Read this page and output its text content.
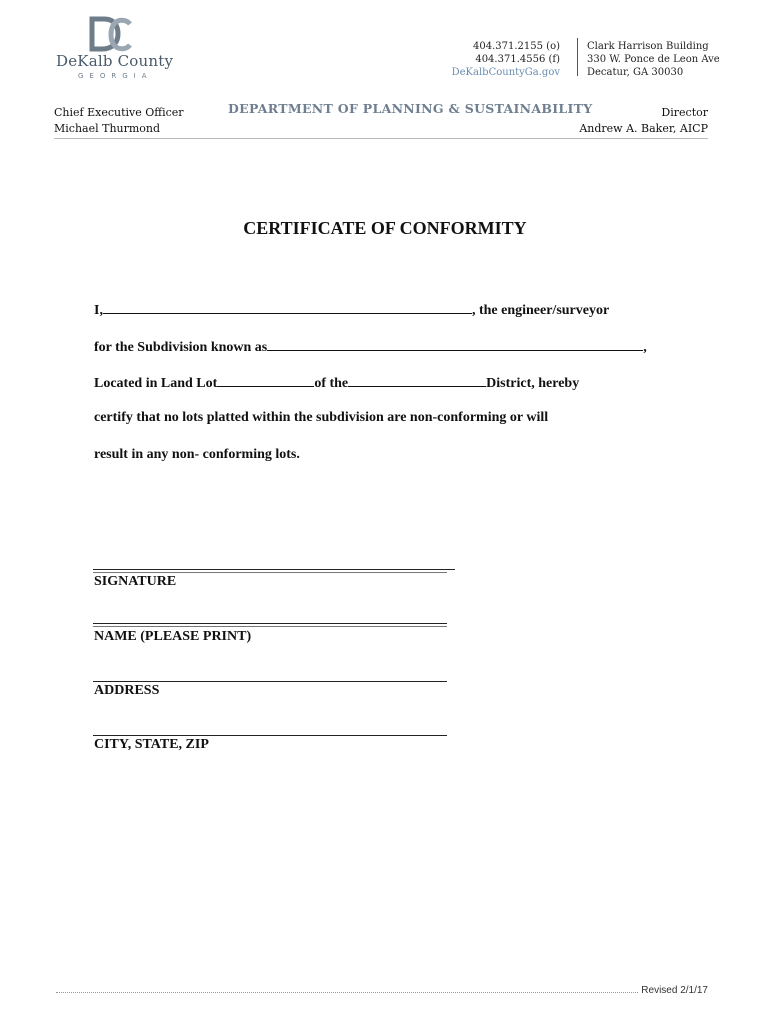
DeKalb County
GEORGIA
404.371.2155 (o)
404.371.4556 (f)
DeKalbCountyGa.gov
Clark Harrison Building
330 W. Ponce de Leon Ave
Decatur, GA 30030
Chief Executive Officer
Michael Thurmond
DEPARTMENT OF PLANNING & SUSTAINABILITY	Director
Andrew A. Baker, AICP
CERTIFICATE OF CONFORMITY
I,	, the engineer/surveyor
for the Subdivision known as	,
Located in Land Lot	of the	District, hereby
certify that no lots platted within the subdivision are non-conforming or will
result in any non- conforming lots.
SIGNATURE
NAME (PLEASE PRINT)
ADDRESS
CITY, STATE, ZIP
Revised 2/1/17
